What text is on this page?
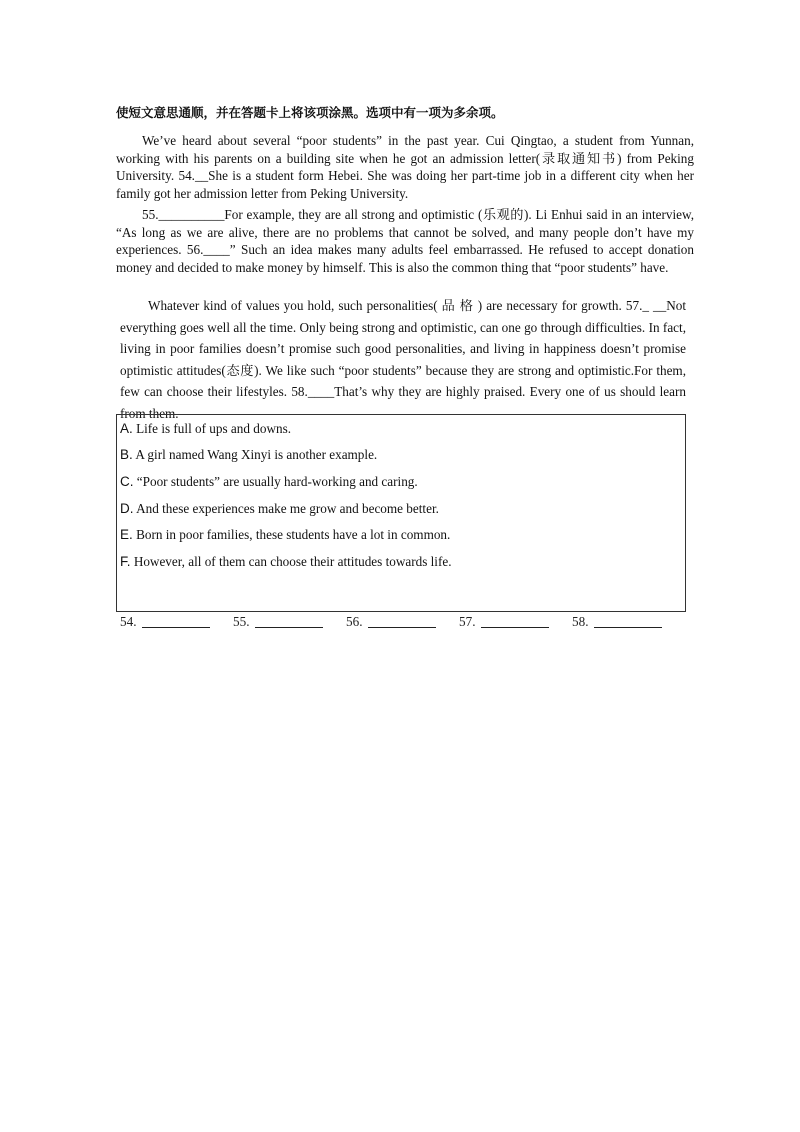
使短文意思通顺，并在答题卡上将该项涂黑。选项中有一项为多余项。
We’ve heard about several “poor students” in the past year. Cui Qingtao, a student from Yunnan, working with his parents on a building site when he got an admission letter(录取通知书) from Peking University. 54.__She is a student form Hebei. She was doing her part-time job in a different city when her family got her admission letter from Peking University.
55.__________For example, they are all strong and optimistic (乐观的). Li Enhui said in an interview, “As long as we are alive, there are no problems that cannot be solved, and many people don’t have my experiences. 56.____” Such an idea makes many adults feel embarrassed. He refused to accept donation money and decided to make money by himself. This is also the common thing that “poor students” have.
Whatever kind of values you hold, such personalities( 品 格 ) are necessary for growth. 57._ __Not everything goes well all the time. Only being strong and optimistic, can one go through difficulties. In fact, living in poor families doesn’t promise such good personalities, and living in happiness doesn’t promise optimistic attitudes(态度). We like such “poor students” because they are strong and optimistic.For them, few can choose their lifestyles. 58.____That’s why they are highly praised. Every one of us should learn from them.
A. Life is full of ups and downs.
B. A girl named Wang Xinyi is another example.
C. “Poor students” are usually hard-working and caring.
D. And these experiences make me grow and become better.
E. Born in poor families, these students have a lot in common.
F. However, all of them can choose their attitudes towards life.
54.	55.	56.	57.	58.
